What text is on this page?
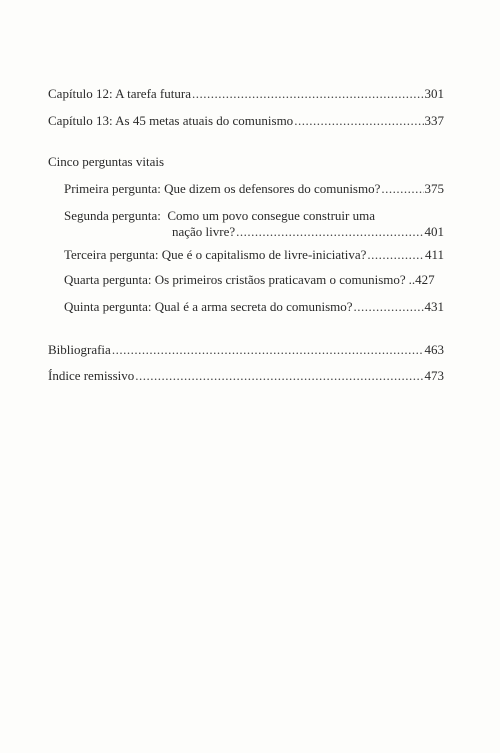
Capítulo 12: A tarefa futura .....	301
Capítulo 13: As 45 metas atuais do comunismo .....	337
Cinco perguntas vitais
Primeira pergunta: Que dizem os defensores do comunismo? .....	375
Segunda pergunta:  Como um povo consegue construir uma
nação livre? .....	401
Terceira pergunta: Que é o capitalismo de livre-iniciativa? .....	411
Quarta pergunta: Os primeiros cristãos praticavam o comunismo? .. 427
Quinta pergunta: Qual é a arma secreta do comunismo? .....	431
Bibliografia .....	463
Índice remissivo .....	473
